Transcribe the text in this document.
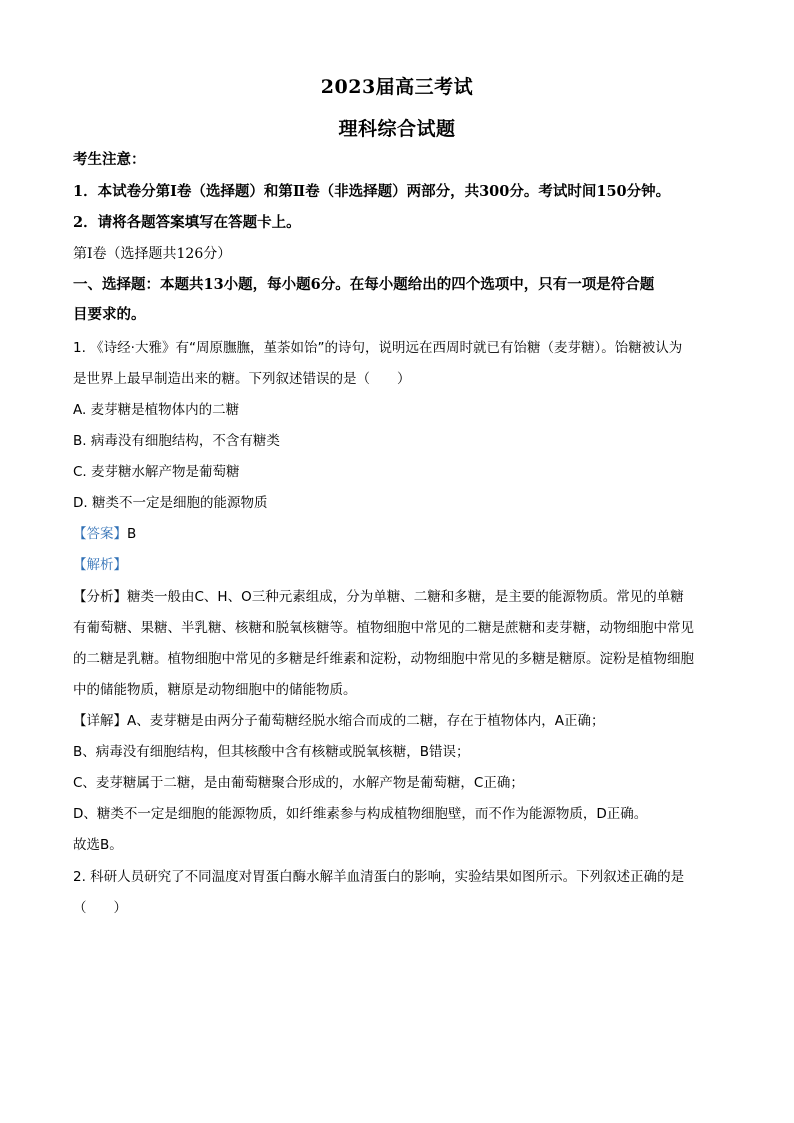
2023届高三考试
理科综合试题
考生注意：
1．本试卷分第Ⅰ卷（选择题）和第Ⅱ卷（非选择题）两部分，共300分。考试时间150分钟。
2．请将各题答案填写在答题卡上。
第Ⅰ卷（选择题共126分）
一、选择题：本题共13小题，每小题6分。在每小题给出的四个选项中，只有一项是符合题
目要求的。
1. 《诗经·大雅》有“周原膴膴，堇荼如饴”的诗句，说明远在西周时就已有饴糖（麦芽糖）。饴糖被认为
是世界上最早制造出来的糖。下列叙述错误的是（　　）
A. 麦芽糖是植物体内的二糖
B. 病毒没有细胞结构，不含有糖类
C. 麦芽糖水解产物是葡萄糖
D. 糖类不一定是细胞的能源物质
【答案】B
【解析】
【分析】糖类一般由C、H、O三种元素组成，分为单糖、二糖和多糖，是主要的能源物质。常见的单糖
有葡萄糖、果糖、半乳糖、核糖和脱氧核糖等。植物细胞中常见的二糖是蔗糖和麦芽糖，动物细胞中常见
的二糖是乳糖。植物细胞中常见的多糖是纤维素和淀粉，动物细胞中常见的多糖是糖原。淀粉是植物细胞
中的储能物质，糖原是动物细胞中的储能物质。
【详解】A、麦芽糖是由两分子葡萄糖经脱水缩合而成的二糖，存在于植物体内，A正确；
B、病毒没有细胞结构，但其核酸中含有核糖或脱氧核糖，B错误；
C、麦芽糖属于二糖，是由葡萄糖聚合形成的，水解产物是葡萄糖，C正确；
D、糖类不一定是细胞的能源物质，如纤维素参与构成植物细胞壁，而不作为能源物质，D正确。
故选B。
2. 科研人员研究了不同温度对胃蛋白酶水解羊血清蛋白的影响，实验结果如图所示。下列叙述正确的是
（　　）
